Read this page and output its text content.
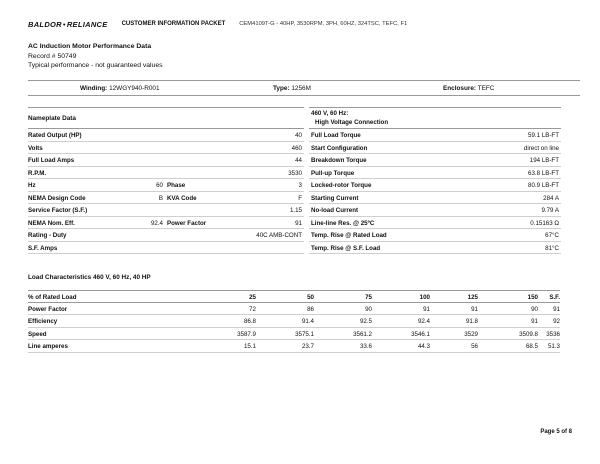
BALDOR•RELIANCE CUSTOMER INFORMATION PACKET CEM4109T-G - 40HP, 3530RPM, 3PH, 60HZ, 324TSC, TEFC, F1
AC Induction Motor Performance Data
Record # 50749
Typical performance - not guaranteed values
Winding: 12WGY940-R001	Type: 1256M	Enclosure: TEFC
Nameplate Data
Rated Output (HP)	40
Volts	460
Full Load Amps	44
R.P.M.	3530
Hz	60 Phase	3
NEMA Design Code	B KVA Code	F
Service Factor (S.F.)	1.15
NEMA Nom. Eff.	92.4 Power Factor	91
Rating - Duty	40C AMB-CONT
S.F. Amps
460 V, 60 Hz:
High Voltage Connection
Full Load Torque	59.1 LB-FT
Start Configuration	direct on line
Breakdown Torque	194 LB-FT
Pull-up Torque	63.8 LB-FT
Locked-rotor Torque	80.9 LB-FT
Starting Current	284 A
No-load Current	9.79 A
Line-line Res. @ 25ºC	0.15163 Ω
Temp. Rise @ Rated Load	67°C
Temp. Rise @ S.F. Load	81°C
Load Characteristics 460 V, 60 Hz, 40 HP
% of Rated Load	25	50	75	100	125	150 S.F.
Power Factor	72	86	90	91	91	90 91
Efficiency	86.8	91.4	92.5	92.4	91.8	91 92
Speed	3587.9	3575.1	3561.2	3546.1	3529	3509.8 3536
Line amperes	15.1	23.7	33.6	44.3	56	68.5 51.3
Page 5 of 8
